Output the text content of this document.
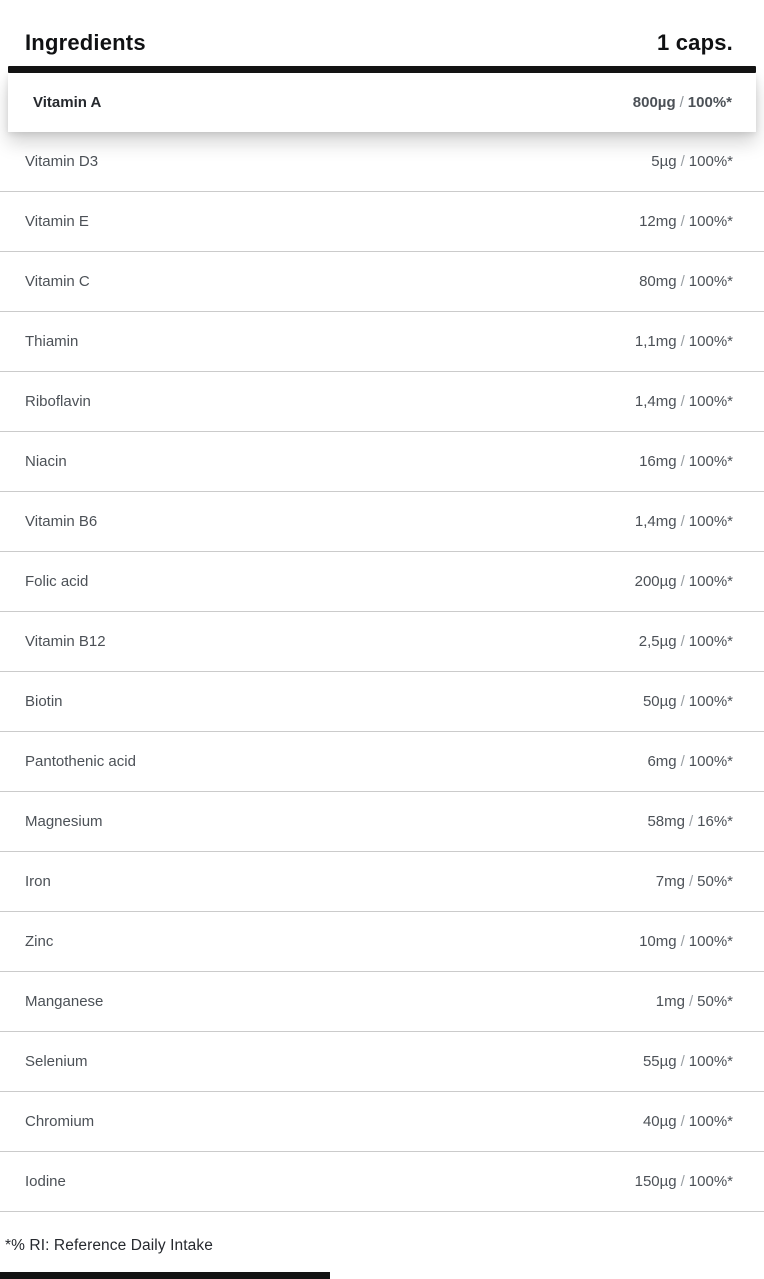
Ingredients	1 caps.
Vitamin A	800µg / 100%*
Vitamin D3	5µg / 100%*
Vitamin E	12mg / 100%*
Vitamin C	80mg / 100%*
Thiamin	1,1mg / 100%*
Riboflavin	1,4mg / 100%*
Niacin	16mg / 100%*
Vitamin B6	1,4mg / 100%*
Folic acid	200µg / 100%*
Vitamin B12	2,5µg / 100%*
Biotin	50µg / 100%*
Pantothenic acid	6mg / 100%*
Magnesium	58mg / 16%*
Iron	7mg / 50%*
Zinc	10mg / 100%*
Manganese	1mg / 50%*
Selenium	55µg / 100%*
Chromium	40µg / 100%*
Iodine	150µg / 100%*
*% RI: Reference Daily Intake
